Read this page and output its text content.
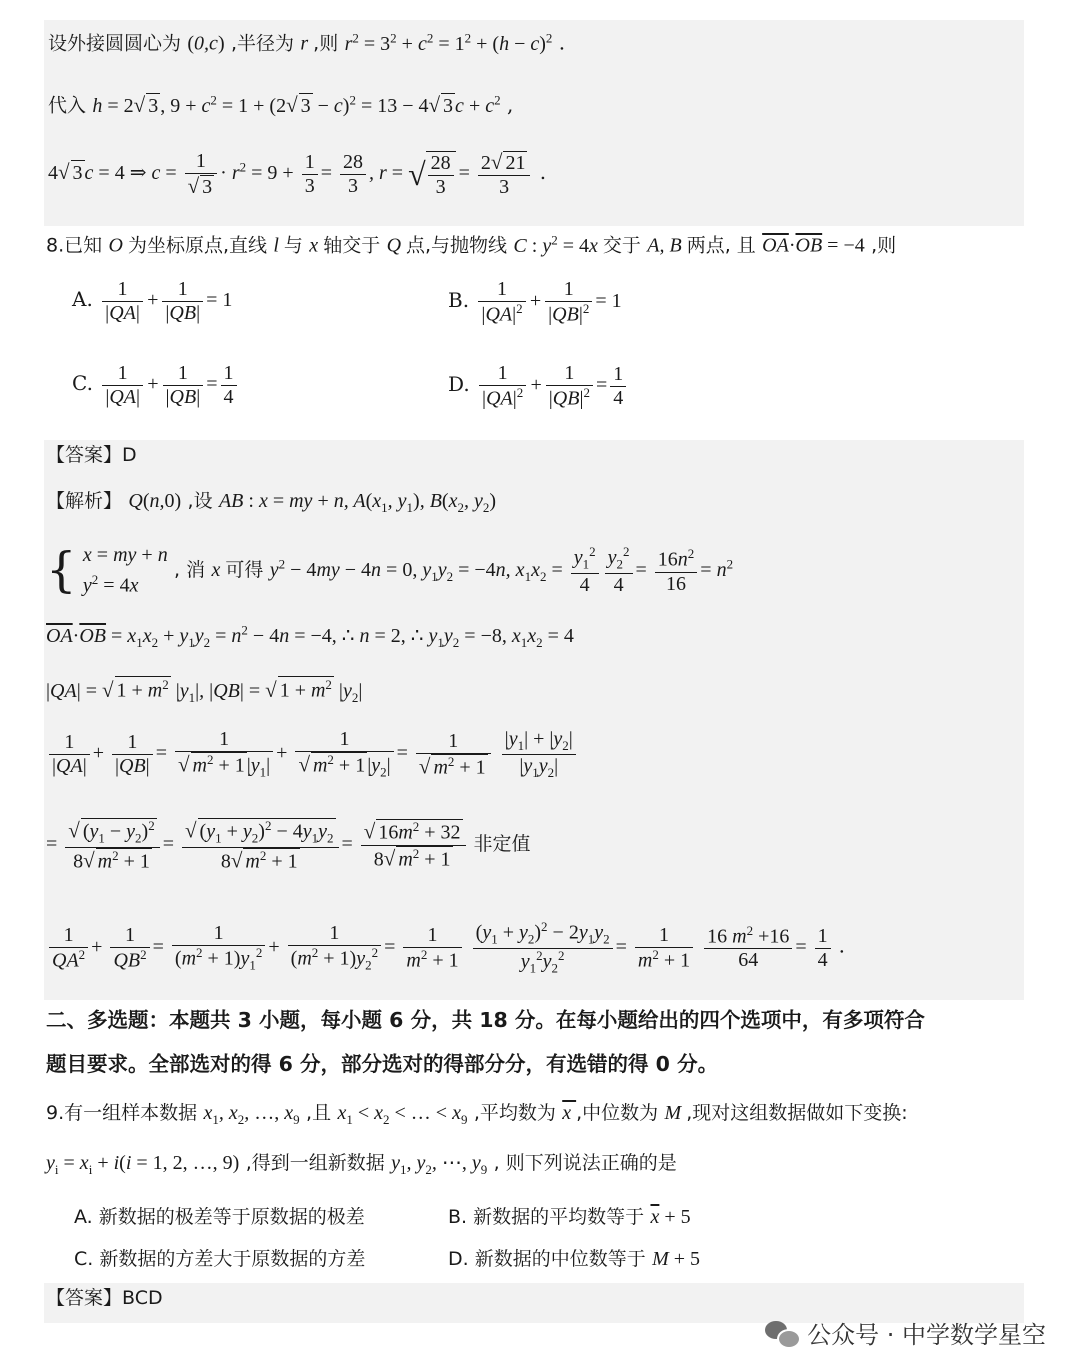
设外接圆圆心为 (0,c) ,半径为 r ,则 $r^2 = 3^2 + c^2 = 1^2 + (h - c)^2$ .
代入 h = 2√ 3 , $9 + c^2 = 1 + (2√$ 3 − c)$^2$ = 13 − 4√ 3 $c + c^2$ ,
4√ 3 c = 4 ⇒ $c = \frac{1}{√ 3} \cdot r^2 = 9 + \frac{1}{3} = \frac{28}{3}$ , r = √ $\frac{28}{3} = \frac{2√ 21}{3}$ .
8.已知 O 为坐标原点,直线 l 与 x 轴交于 Q 点,与抛物线 C : $y^2 = 4x$ 交于 A, B 两点, 且 $\overline{OA}\cdot\overline{OB} = -4$ ,则
A. $\frac{1}{|QA|} + \frac{1}{|QB|} = 1$	B. $\frac{1}{|QA|^2} + \frac{1}{|QB|^2} = 1$
C. $\frac{1}{|QA|} + \frac{1}{|QB|} = \frac{1}{4}$	D. $\frac{1}{|QA|^2} + \frac{1}{|QB|^2} = \frac{1}{4}$
【答案】D
【解析】 Q(n,0) ,设 AB : x = my + n, $A(x_1$, $y_1$), $B(x_2$, $y_2$)
{ x = my + n
$y^2 = 4x$ , 消 x 可得 $y^2 - 4my - 4n = 0$, $y_1y_2 = -4n$, $x_1x_2 = \frac{y_1^2}{4} \frac{y_2^2}{4} = \frac{16n^2}{16} = n^2$
$\overline{OA}\cdot\overline{OB} = x_1x_2 + y_1y_2 = n^2 - 4n = -4$, ∴ n = 2, ∴ $y_1y_2 = -8$, $x_1x_2 = 4$
|QA| = √ $1 + m^2$ $|y_1|$, |QB| = √ $1 + m^2$ $|y_2|$
$\frac{1}{|QA|} + \frac{1}{|QB|} = \frac{1}{√ m^2 + 1 |y_1|} + \frac{1}{√ m^2 + 1 |y_2|} = \frac{1}{√ m^2 + 1}$
$\frac{|y_1| + |y_2|}{|y_1y_2|}$
= $\frac{√ (y_1 - y_2)^2}{8√ m^2 + 1} = \frac{√ (y_1 + y_2)^2 - 4y_1y_2}{8√ m^2 + 1} = \frac{√ 16m^2 + 32}{8√ m^2 + 1}$ 非定值
$\frac{1}{QA^2} + \frac{1}{QB^2} = \frac{1}{(m^2 + 1)y_1^2} + \frac{1}{(m^2 + 1)y_2^2} = \frac{1}{m^2 + 1}$
$\frac{(y_1 + y_2)^2 - 2y_1y_2}{y_1^2y_2^2} = \frac{1}{m^2 + 1}$
$\frac{16 m^2 +16}{64} = \frac{1}{4}$ .
二、多选题：本题共 3 小题，每小题 6 分，共 18 分。在每小题给出的四个选项中，有多项符合
题目要求。全部选对的得 6 分，部分选对的得部分分，有选错的得 0 分。
9.有一组样本数据 $x_1$, $x_2$, …, $x_9$ ,且 $x_1 < x_2$ < … < $x_9$ ,平均数为 x ,中位数为 M ,现对这组数据做如下变换:
$y_i = x_i + i(i = 1$, 2, …, 9) ,得到一组新数据 $y_1$, $y_2$, ⋯, $y_9$ , 则下列说法正确的是
A. 新数据的极差等于原数据的极差	B. 新数据的平均数等于 $\overline{x} + 5$
C. 新数据的方差大于原数据的方差	D. 新数据的中位数等于 M + 5
【答案】BCD
公众号 · 中学数学星空
